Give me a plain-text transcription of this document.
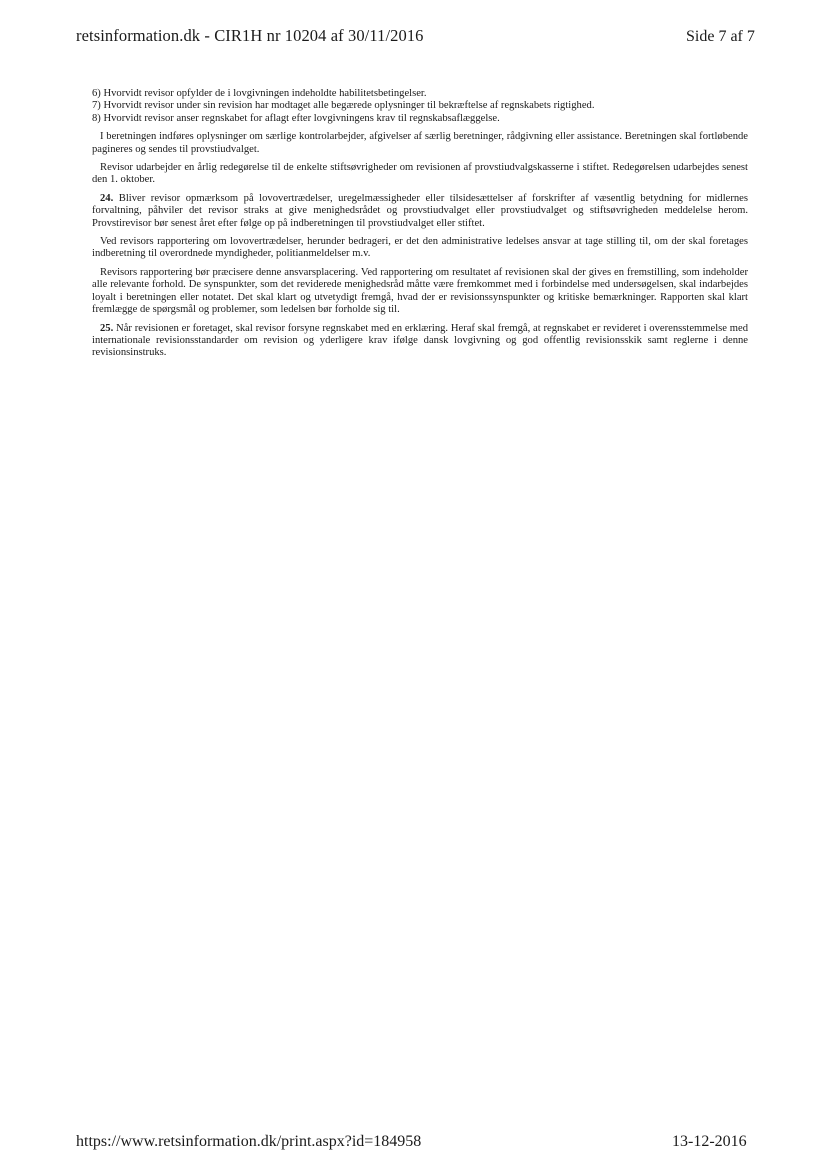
retsinformation.dk - CIR1H nr 10204 af 30/11/2016	Side 7 af 7
6) Hvorvidt revisor opfylder de i lovgivningen indeholdte habilitetsbetingelser.
7) Hvorvidt revisor under sin revision har modtaget alle begærede oplysninger til bekræftelse af regnskabets rigtighed.
8) Hvorvidt revisor anser regnskabet for aflagt efter lovgivningens krav til regnskabsaflæggelse.

I beretningen indføres oplysninger om særlige kontrolarbejder, afgivelser af særlig beretninger, rådgivning eller assistance. Beretningen skal fortløbende pagineres og sendes til provstiudvalget.

Revisor udarbejder en årlig redegørelse til de enkelte stiftsøvrigheder om revisionen af provstiudvalgskasserne i stiftet. Redegørelsen udarbejdes senest den 1. oktober.

24. Bliver revisor opmærksom på lovovertrædelser, uregelmæssigheder eller tilsidesættelser af forskrifter af væsentlig betydning for midlernes forvaltning, påhviler det revisor straks at give menighedsrådet og provstiudvalget eller provstiudvalget og stiftsøvrigheden meddelelse herom. Provstirevisor bør senest året efter følge op på indberetningen til provstiudvalget eller stiftet.

Ved revisors rapportering om lovovertrædelser, herunder bedrageri, er det den administrative ledelses ansvar at tage stilling til, om der skal foretages indberetning til overordnede myndigheder, politianmeldelser m.v.

Revisors rapportering bør præcisere denne ansvarsplacering. Ved rapportering om resultatet af revisionen skal der gives en fremstilling, som indeholder alle relevante forhold. De synspunkter, som det reviderede menighedsråd måtte være fremkommet med i forbindelse med undersøgelsen, skal indarbejdes loyalt i beretningen eller notatet. Det skal klart og utvetydigt fremgå, hvad der er revisionssynspunkter og kritiske bemærkninger. Rapporten skal klart fremlægge de spørgsmål og problemer, som ledelsen bør forholde sig til.

25. Når revisionen er foretaget, skal revisor forsyne regnskabet med en erklæring. Heraf skal fremgå, at regnskabet er revideret i overensstemmelse med internationale revisionsstandarder om revision og yderligere krav ifølge dansk lovgivning og god offentlig revisionsskik samt reglerne i denne revisionsinstruks.

https://www.retsinformation.dk/print.aspx?id=184958	13-12-2016
